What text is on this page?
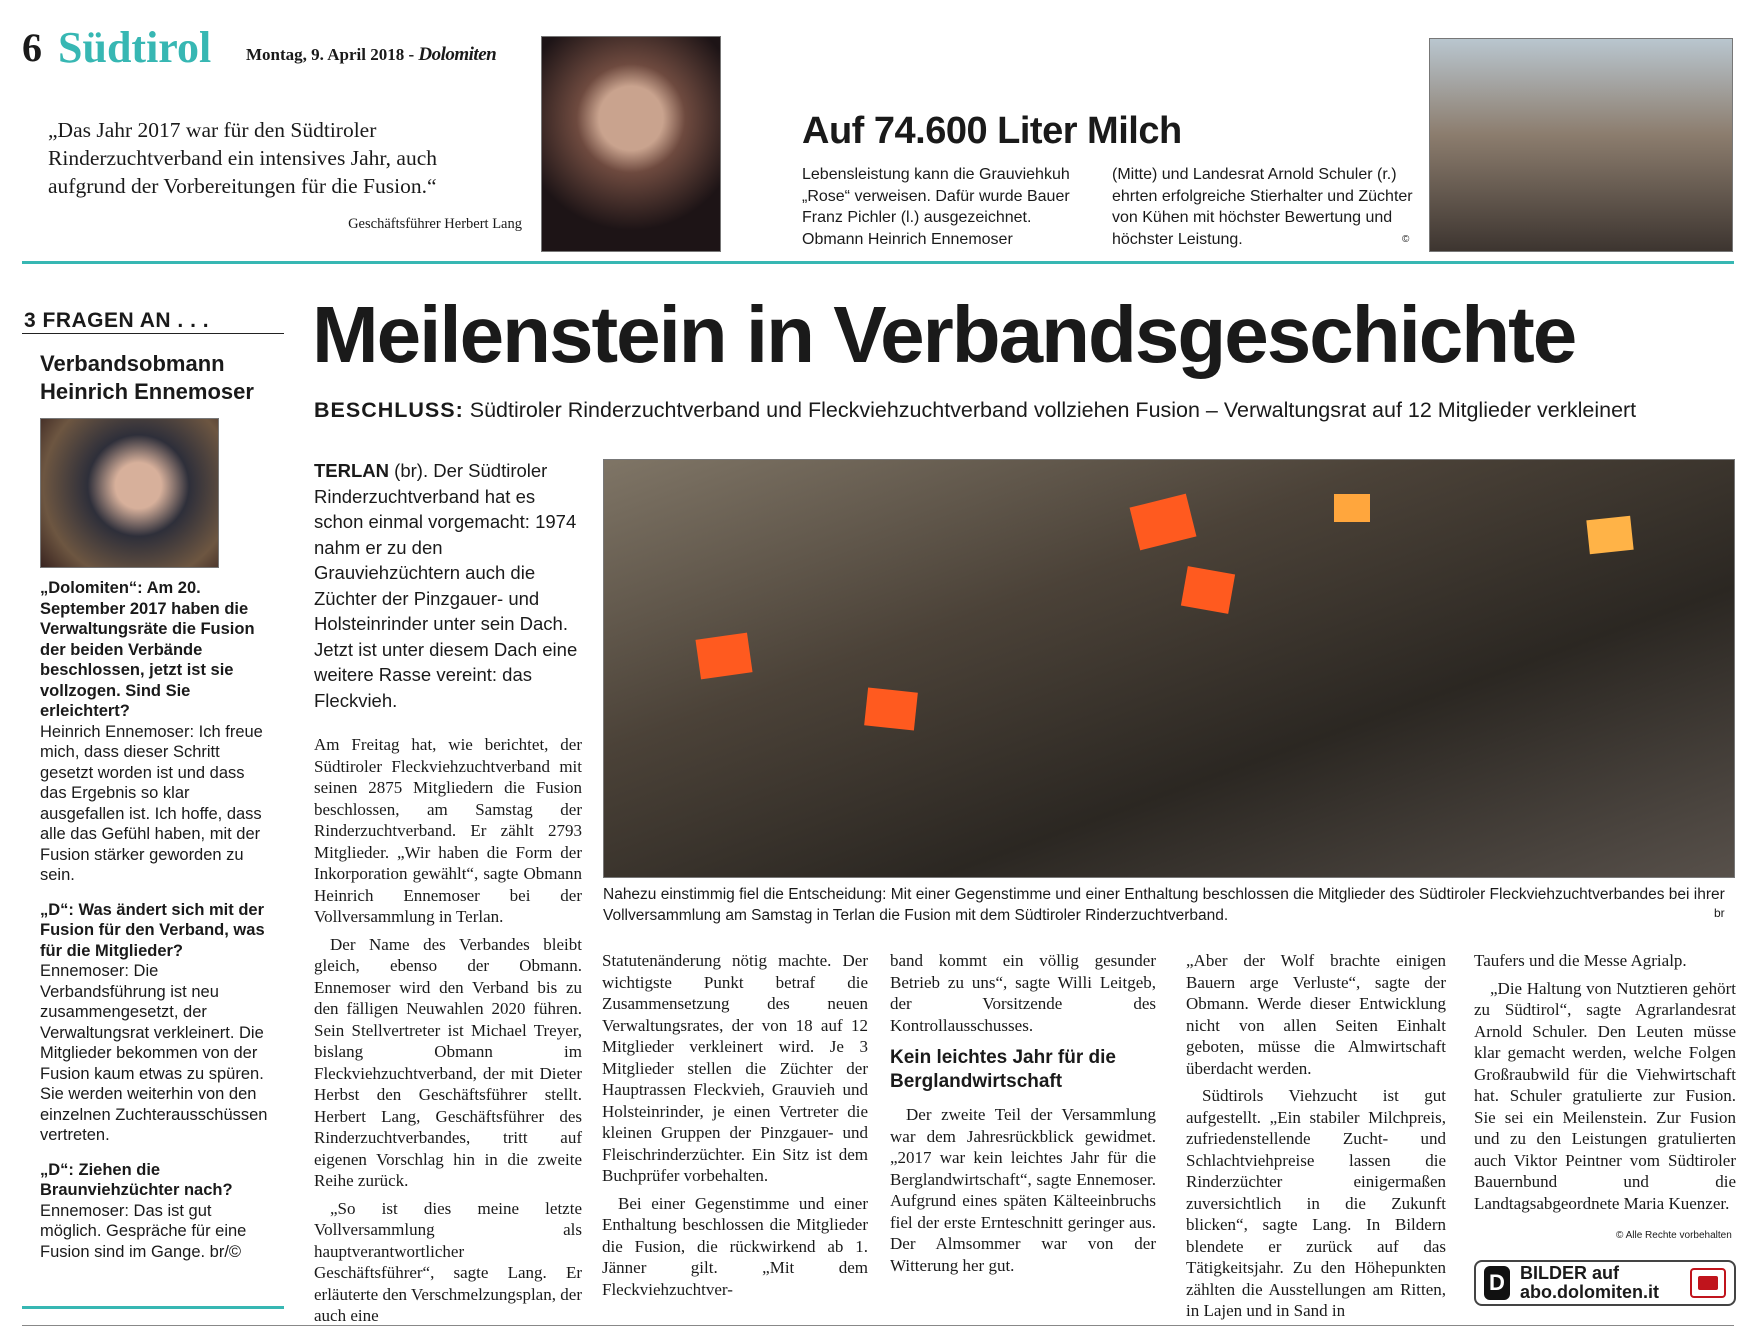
6 Südtirol Montag, 9. April 2018 - Dolomiten
„Das Jahr 2017 war für den Südtiroler Rinderzuchtverband ein intensives Jahr, auch aufgrund der Vorbereitungen für die Fusion.“
Geschäftsführer Herbert Lang
Auf 74.600 Liter Milch
Lebensleistung kann die Grauviehkuh „Rose“ verweisen. Dafür wurde Bauer Franz Pichler (l.) ausgezeichnet. Obmann Heinrich Ennemoser
(Mitte) und Landesrat Arnold Schuler (r.) ehrten erfolgreiche Stierhalter und Züchter von Kühen mit höchster Bewertung und höchster Leistung.	©
3 FRAGEN AN . . .
Verbandsobmann Heinrich Ennemoser

„Dolomiten“: Am 20. September 2017 haben die Verwaltungsräte die Fusion der beiden Verbände beschlossen, jetzt ist sie vollzogen. Sind Sie erleichtert?
Heinrich Ennemoser: Ich freue mich, dass dieser Schritt gesetzt worden ist und dass das Ergebnis so klar ausgefallen ist. Ich hoffe, dass alle das Gefühl haben, mit der Fusion stärker geworden zu sein.

„D“: Was ändert sich mit der Fusion für den Verband, was für die Mitglieder?
Ennemoser: Die Verbandsführung ist neu zusammengesetzt, der Verwaltungsrat verkleinert. Die Mitglieder bekommen von der Fusion kaum etwas zu spüren. Sie werden weiterhin von den einzelnen Zuchterausschüssen vertreten.

„D“: Ziehen die Braunviehzüchter nach?
Ennemoser: Das ist gut möglich. Gespräche für eine Fusion sind im Gange. br/©

Meilenstein in Verbandsgeschichte
BESCHLUSS: Südtiroler Rinderzuchtverband und Fleckviehzuchtverband vollziehen Fusion – Verwaltungsrat auf 12 Mitglieder verkleinert
TERLAN (br). Der Südtiroler Rinderzuchtverband hat es schon einmal vorgemacht: 1974 nahm er zu den Grauviehzüchtern auch die Züchter der Pinzgauer- und Holsteinrinder unter sein Dach. Jetzt ist unter diesem Dach eine weitere Rasse vereint: das Fleckvieh.

Am Freitag hat, wie berichtet, der Südtiroler Fleckviehzuchtverband mit seinen 2875 Mitgliedern die Fusion beschlossen, am Samstag der Rinderzuchtverband. Er zählt 2793 Mitglieder. „Wir haben die Form der Inkorporation gewählt“, sagte Obmann Heinrich Ennemoser bei der Vollversammlung in Terlan.

Der Name des Verbandes bleibt gleich, ebenso der Obmann. Ennemoser wird den Verband bis zu den fälligen Neuwahlen 2020 führen. Sein Stellvertreter ist Michael Treyer, bislang Obmann im Fleckviehzuchtverband, der mit Dieter Herbst den Geschäftsführer stellt. Herbert Lang, Geschäftsführer des Rinderzuchtverbandes, tritt auf eigenen Vorschlag hin in die zweite Reihe zurück.

„So ist dies meine letzte Vollversammlung als hauptverantwortlicher Geschäftsführer“, sagte Lang. Er erläuterte den Verschmelzungsplan, der auch eine

Nahezu einstimmig fiel die Entscheidung: Mit einer Gegenstimme und einer Enthaltung beschlossen die Mitglieder des Südtiroler Fleckviehzuchtverbandes bei ihrer Vollversammlung am Samstag in Terlan die Fusion mit dem Südtiroler Rinderzuchtverband.	br

Statutenänderung nötig machte. Der wichtigste Punkt betraf die Zusammensetzung des neuen Verwaltungsrates, der von 18 auf 12 Mitglieder verkleinert wird. Je 3 Mitglieder stellen die Züchter der Hauptrassen Fleckvieh, Grauvieh und Holsteinrinder, je einen Vertreter die kleinen Gruppen der Pinzgauer- und Fleischrinderzüchter. Ein Sitz ist dem Buchprüfer vorbehalten.

Bei einer Gegenstimme und einer Enthaltung beschlossen die Mitglieder die Fusion, die rückwirkend ab 1. Jänner gilt. „Mit dem Fleckviehzuchtver-

band kommt ein völlig gesunder Betrieb zu uns“, sagte Willi Leitgeb, der Vorsitzende des Kontrollausschusses.

Kein leichtes Jahr für die Berglandwirtschaft

Der zweite Teil der Versammlung war dem Jahresrückblick gewidmet. „2017 war kein leichtes Jahr für die Berglandwirtschaft“, sagte Ennemoser. Aufgrund eines späten Kälteeinbruchs fiel der erste Ernteschnitt geringer aus. Der Almsommer war von der Witterung her gut.

„Aber der Wolf brachte einigen Bauern arge Verluste“, sagte der Obmann. Werde dieser Entwicklung nicht von allen Seiten Einhalt geboten, müsse die Almwirtschaft überdacht werden.

Südtirols Viehzucht ist gut aufgestellt. „Ein stabiler Milchpreis, zufriedenstellende Zucht- und Schlachtviehpreise lassen die Rinderzüchter einigermaßen zuversichtlich in die Zukunft blicken“, sagte Lang. In Bildern blendete er zurück auf das Tätigkeitsjahr. Zu den Höhepunkten zählten die Ausstellungen am Ritten, in Lajen und in Sand in

Taufers und die Messe Agrialp.

„Die Haltung von Nutztieren gehört zu Südtirol“, sagte Agrarlandesrat Arnold Schuler. Den Leuten müsse klar gemacht werden, welche Folgen Großraubwild für die Viehwirtschaft hat. Schuler gratulierte zur Fusion. Sie sei ein Meilenstein. Zur Fusion und zu den Leistungen gratulierten auch Viktor Peintner vom Südtiroler Bauernbund und die Landtagsabgeordnete Maria Kuenzer.

© Alle Rechte vorbehalten
D BILDER auf
abo.dolomiten.it
